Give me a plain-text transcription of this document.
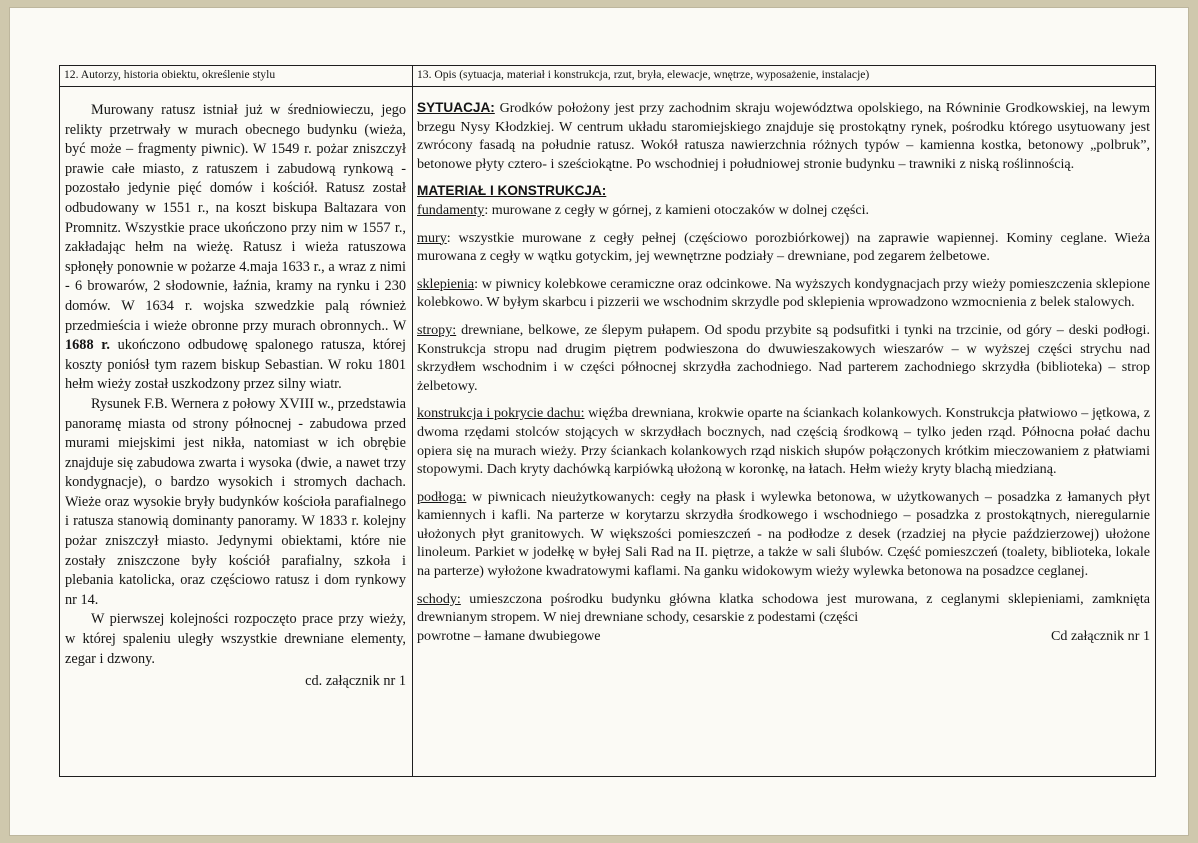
12. Autorzy, historia obiektu, określenie stylu	13. Opis (sytuacja, materiał i konstrukcja, rzut, bryła, elewacje, wnętrze, wyposażenie, instalacje)

Murowany ratusz istniał już w średniowieczu, jego relikty przetrwały w murach obecnego budynku (wieża, być może – fragmenty piwnic). W 1549 r. pożar zniszczył prawie całe miasto, z ratuszem i zabudową rynkową - pozostało jedynie pięć domów i kościół. Ratusz został odbudowany w 1551 r., na koszt biskupa Baltazara von Promnitz. Wszystkie prace ukończono przy nim w 1557 r., zakładając hełm na wieżę. Ratusz i wieża ratuszowa spłonęły ponownie w pożarze 4.maja 1633 r., a wraz z nimi - 6 browarów, 2 słodownie, łaźnia, kramy na rynku i 230 domów. W 1634 r. wojska szwedzkie palą również przedmieścia i wieże obronne przy murach obronnych.. W 1688 r. ukończono odbudowę spalonego ratusza, której koszty poniósł tym razem biskup Sebastian. W roku 1801 hełm wieży został uszkodzony przez silny wiatr.

Rysunek F.B. Wernera z połowy XVIII w., przedstawia panoramę miasta od strony północnej - zabudowa przed murami miejskimi jest nikła, natomiast w ich obrębie znajduje się zabudowa zwarta i wysoka (dwie, a nawet trzy kondygnacje), o bardzo wysokich i stromych dachach. Wieże oraz wysokie bryły budynków kościoła parafialnego i ratusza stanowią dominanty panoramy. W 1833 r. kolejny pożar zniszczył miasto. Jedynymi obiektami, które nie zostały zniszczone były kościół parafialny, szkoła i plebania katolicka, oraz częściowo ratusz i dom rynkowy nr 14.

W pierwszej kolejności rozpoczęto prace przy wieży, w której spaleniu uległy wszystkie drewniane elementy, zegar i dzwony.

cd. załącznik nr 1

SYTUACJA: Grodków położony jest przy zachodnim skraju województwa opolskiego, na Równinie Grodkowskiej, na lewym brzegu Nysy Kłodzkiej. W centrum układu staromiejskiego znajduje się prostokątny rynek, pośrodku którego usytuowany jest zwrócony fasadą na południe ratusz. Wokół ratusza nawierzchnia różnych typów – kamienna kostka, betonowy „polbruk”, betonowe płyty cztero- i sześciokątne. Po wschodniej i południowej stronie budynku – trawniki z niską roślinnością.

MATERIAŁ I KONSTRUKCJA:
fundamenty: murowane z cegły w górnej, z kamieni otoczaków w dolnej części.

mury: wszystkie murowane z cegły pełnej (częściowo porozbiórkowej) na zaprawie wapiennej. Kominy ceglane. Wieża murowana z cegły w wątku gotyckim, jej wewnętrzne podziały – drewniane, pod zegarem żelbetowe.

sklepienia: w piwnicy kolebkowe ceramiczne oraz odcinkowe. Na wyższych kondygnacjach przy wieży pomieszczenia sklepione kolebkowo. W byłym skarbcu i pizzerii we wschodnim skrzydle pod sklepienia wprowadzono wzmocnienia z belek stalowych.

stropy: drewniane, belkowe, ze ślepym pułapem. Od spodu przybite są podsufitki i tynki na trzcinie, od góry – deski podłogi. Konstrukcja stropu nad drugim piętrem podwieszona do dwuwieszakowych wieszarów – w wyższej części strychu nad skrzydłem wschodnim i w części północnej skrzydła zachodniego. Nad parterem zachodniego skrzydła (biblioteka) – strop żelbetowy.

konstrukcja i pokrycie dachu: więźba drewniana, krokwie oparte na ściankach kolankowych. Konstrukcja płatwiowo – jętkowa, z dwoma rzędami stolców stojących w skrzydłach bocznych, nad częścią środkową – tylko jeden rząd. Północna połać dachu opiera się na murach wieży. Przy ściankach kolankowych rząd niskich słupów połączonych krótkim mieczowaniem z płatwiami stopowymi. Dach kryty dachówką karpiówką ułożoną w koronkę, na łatach. Hełm wieży kryty blachą miedzianą.

podłoga: w piwnicach nieużytkowanych: cegły na płask i wylewka betonowa, w użytkowanych – posadzka z łamanych płyt kamiennych i kafli. Na parterze w korytarzu skrzydła środkowego i wschodniego – posadzka z prostokątnych, nieregularnie ułożonych płyt granitowych. W większości pomieszczeń - na podłodze z desek (rzadziej na płycie paździerzowej) ułożone linoleum. Parkiet w jodełkę w byłej Sali Rad na II. piętrze, a także w sali ślubów. Część pomieszczeń (toalety, biblioteka, lokale na parterze) wyłożone kwadratowymi kaflami. Na ganku widokowym wieży wylewka betonowa na posadzce ceglanej.

schody: umieszczona pośrodku budynku główna klatka schodowa jest murowana, z ceglanymi sklepieniami, zamknięta drewnianym stropem. W niej drewniane schody, cesarskie z podestami (części

powrotne – łamane dwubiegowe	Cd załącznik nr 1
